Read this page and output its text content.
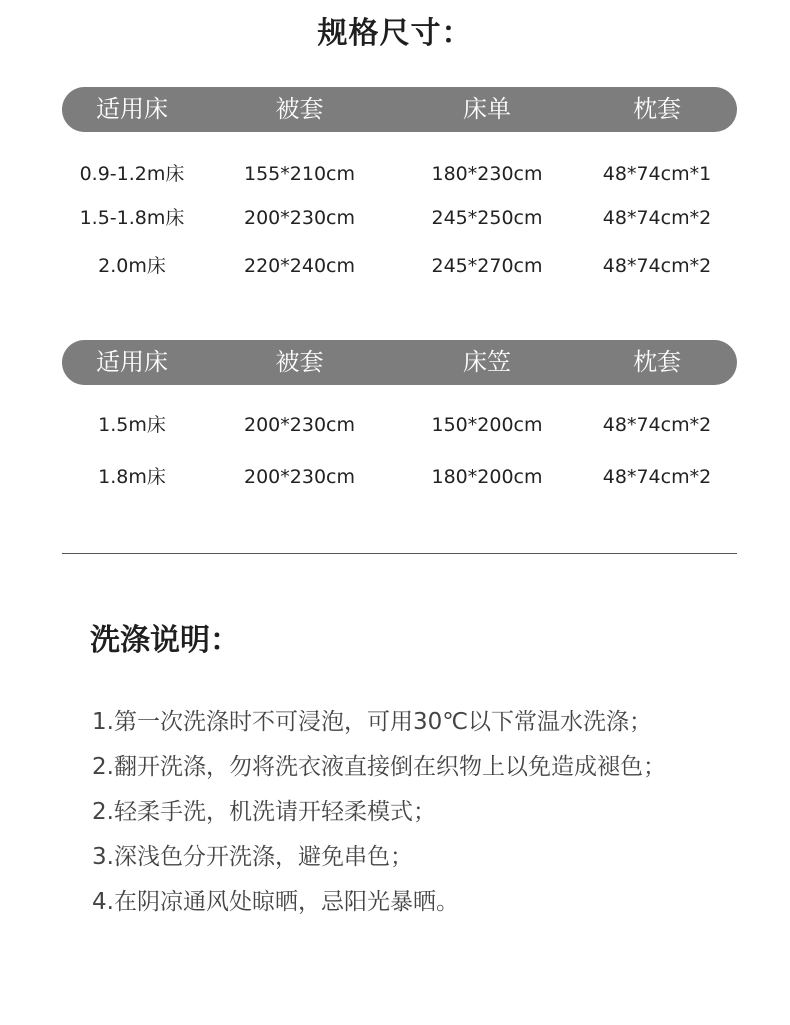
规格尺寸：
适用床	被套	床单	枕套
0.9-1.2m床	155*210cm	180*230cm	48*74cm*1
1.5-1.8m床	200*230cm	245*250cm	48*74cm*2
2.0m床	220*240cm	245*270cm	48*74cm*2
适用床	被套	床笠	枕套
1.5m床	200*230cm	150*200cm	48*74cm*2
1.8m床	200*230cm	180*200cm	48*74cm*2
洗涤说明：
1.第一次洗涤时不可浸泡，可用30℃以下常温水洗涤；
2.翻开洗涤，勿将洗衣液直接倒在织物上以免造成褪色；
2.轻柔手洗，机洗请开轻柔模式；
3.深浅色分开洗涤，避免串色；
4.在阴凉通风处晾晒，忌阳光暴晒。
